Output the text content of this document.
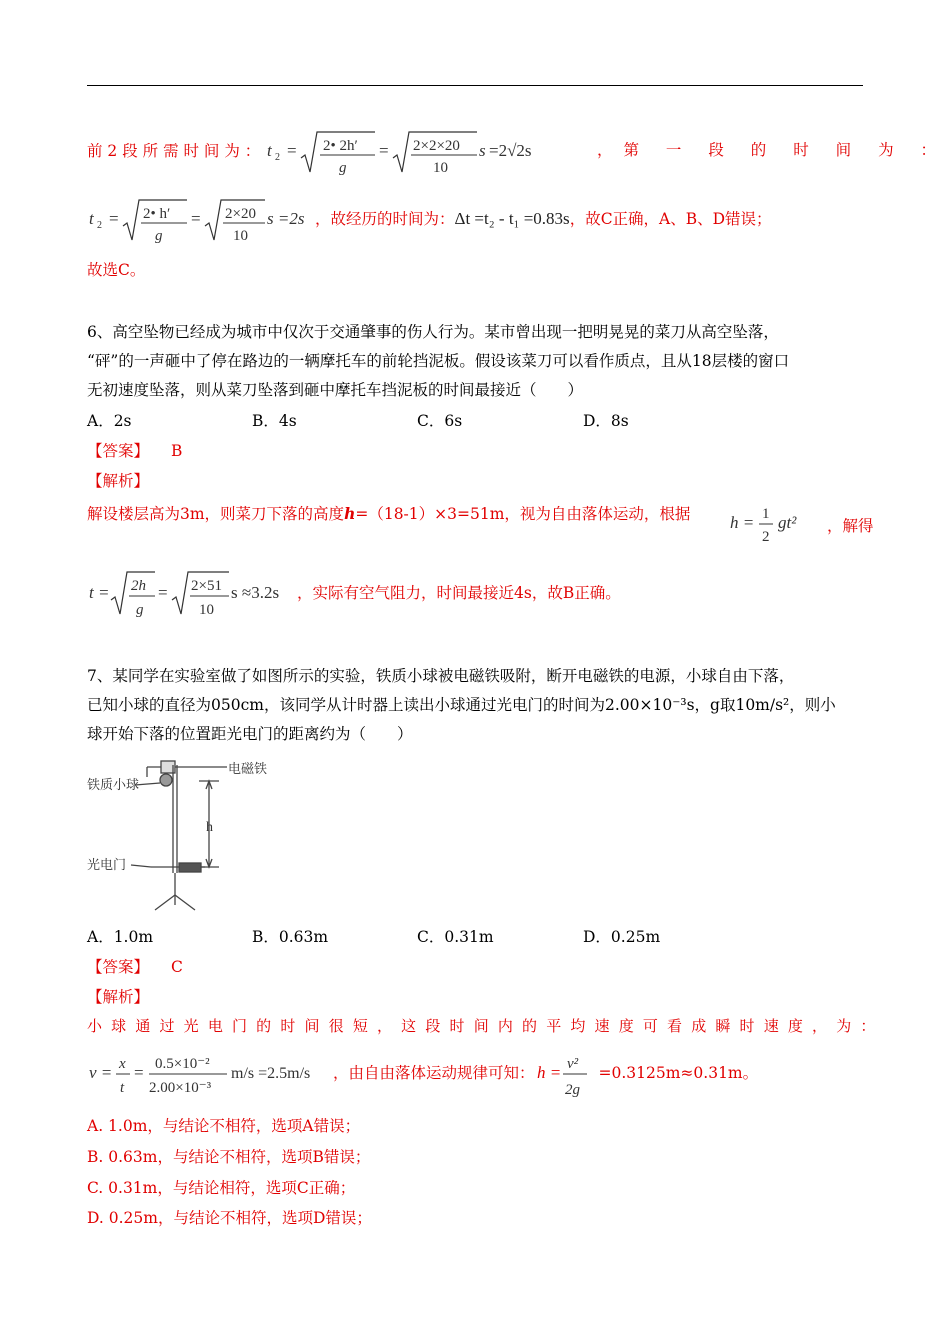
前 2 段 所 需 时 间 为 ： t 2 = 2• 2h′
g
= 2×2×20
10
s =2√2s	，第 一 段 的 时 间 为 ：
t 2 = 2• h′
g
= 2×20
10
s =2s ，故经历的时间为：Δt =t₂ - t₁ =0.83s，故C正确，A、B、D错误；
故选C。
6、高空坠物已经成为城市中仅次于交通肇事的伤人行为。某市曾出现一把明晃晃的菜刀从高空坠落，
“砰”的一声砸中了停在路边的一辆摩托车的前轮挡泥板。假设该菜刀可以看作质点，且从18层楼的窗口
无初速度坠落，则从菜刀坠落到砸中摩托车挡泥板的时间最接近（　　）
A．2s	B．4s	C．6s	D．8s
【答案】 B
【解析】
解设楼层高为3m，则菜刀下落的高度h=（18-1）×3=51m，视为自由落体运动，根据	h = 1
2
gt² ，解得
t = 2h
g
= 2×51
10
s ≈3.2s ，实际有空气阻力，时间最接近4s，故B正确。
7、某同学在实验室做了如图所示的实验，铁质小球被电磁铁吸附，断开电磁铁的电源，小球自由下落，
已知小球的直径为050cm，该同学从计时器上读出小球通过光电门的时间为2.00×10⁻³s，g取10m/s²，则小
球开始下落的位置距光电门的距离约为（　　）
电磁铁
铁质小球
h
光电门
A．1.0m	B．0.63m	C．0.31m	D．0.25m
【答案】 C
【解析】
小 球 通 过 光 电 门 的 时 间 很 短 ， 这 段 时 间 内 的 平 均 速 度 可 看 成 瞬 时 速 度 ， 为 ：
v = x
t
= 0.5×10⁻²
2.00×10⁻³
m/s =2.5m/s ，由自由落体运动规律可知： h = v²
2g
=0.3125m≈0.31m。
A. 1.0m，与结论不相符，选项A错误；
B. 0.63m，与结论不相符，选项B错误；
C. 0.31m，与结论相符，选项C正确；
D. 0.25m，与结论不相符，选项D错误；
